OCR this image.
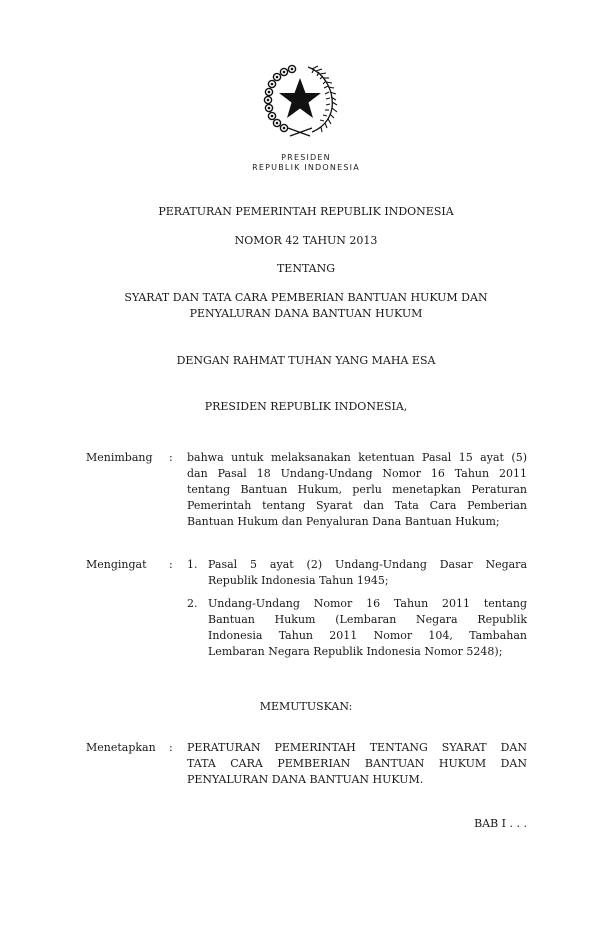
PRESIDEN
REPUBLIK INDONESIA
PERATURAN PEMERINTAH REPUBLIK INDONESIA
NOMOR 42 TAHUN 2013
TENTANG
SYARAT DAN TATA CARA PEMBERIAN BANTUAN HUKUM DAN
PENYALURAN DANA BANTUAN HUKUM
DENGAN RAHMAT TUHAN YANG MAHA ESA
PRESIDEN REPUBLIK INDONESIA,
Menimbang : bahwa untuk melaksanakan ketentuan Pasal 15 ayat (5)
dan Pasal 18 Undang-Undang Nomor 16 Tahun 2011
tentang Bantuan Hukum, perlu menetapkan Peraturan
Pemerintah tentang Syarat dan Tata Cara Pemberian
Bantuan Hukum dan Penyaluran Dana Bantuan Hukum;
Mengingat : 1. Pasal 5 ayat (2) Undang-Undang Dasar Negara
Republik Indonesia Tahun 1945;
2. Undang-Undang Nomor 16 Tahun 2011 tentang
Bantuan Hukum (Lembaran Negara Republik
Indonesia Tahun 2011 Nomor 104, Tambahan
Lembaran Negara Republik Indonesia Nomor 5248);
MEMUTUSKAN:
Menetapkan : PERATURAN PEMERINTAH TENTANG SYARAT DAN
TATA CARA PEMBERIAN BANTUAN HUKUM DAN
PENYALURAN DANA BANTUAN HUKUM.
BAB I . . .
